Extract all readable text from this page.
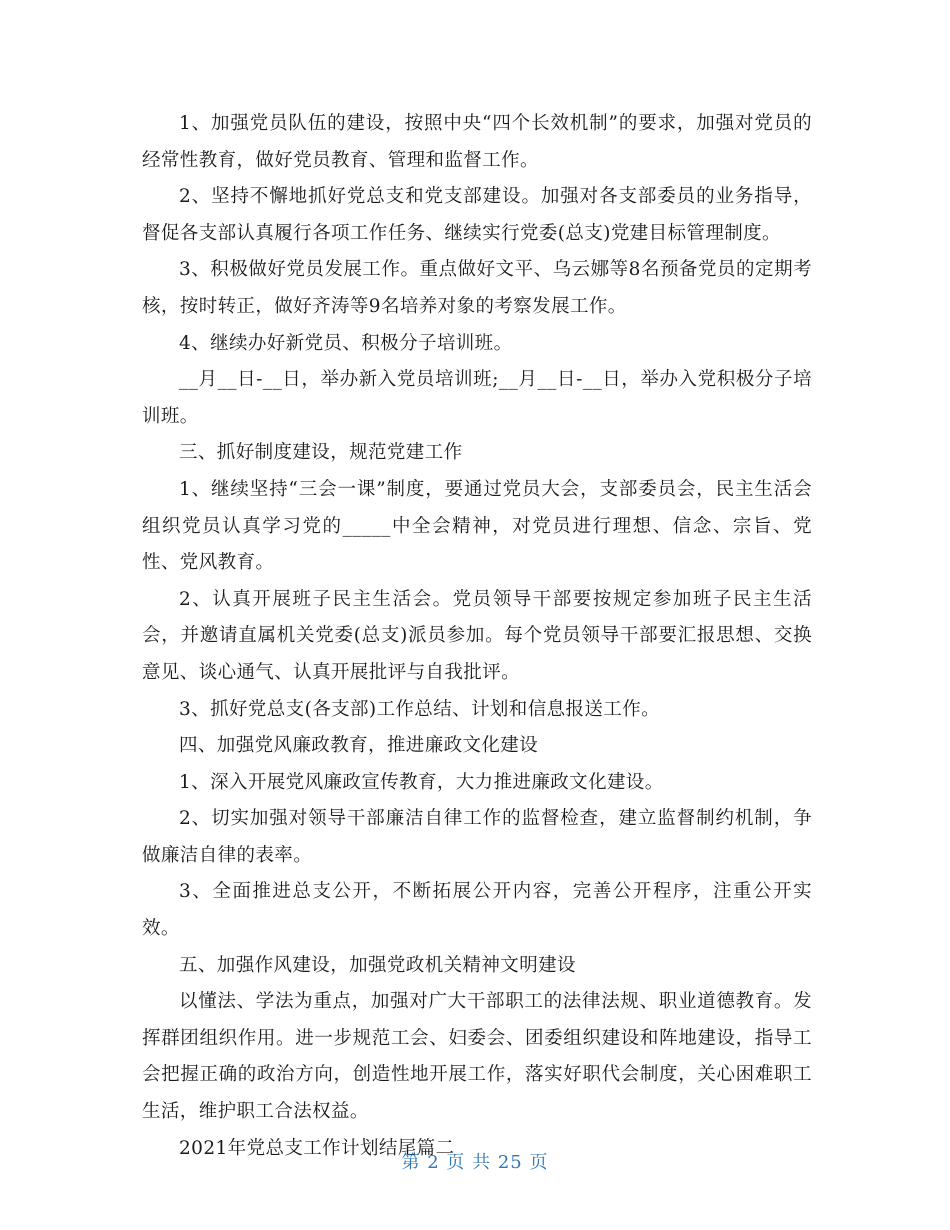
1、加强党员队伍的建设，按照中央“四个长效机制”的要求，加强对党员的经常性教育，做好党员教育、管理和监督工作。

2、坚持不懈地抓好党总支和党支部建设。加强对各支部委员的业务指导，督促各支部认真履行各项工作任务、继续实行党委(总支)党建目标管理制度。

3、积极做好党员发展工作。重点做好文平、乌云娜等8名预备党员的定期考核，按时转正，做好齐涛等9名培养对象的考察发展工作。

4、继续办好新党员、积极分子培训班。

__月__日-__日，举办新入党员培训班;__月__日-__日，举办入党积极分子培训班。

三、抓好制度建设，规范党建工作

1、继续坚持“三会一课”制度，要通过党员大会，支部委员会，民主生活会组织党员认真学习党的_____中全会精神，对党员进行理想、信念、宗旨、党性、党风教育。

2、认真开展班子民主生活会。党员领导干部要按规定参加班子民主生活会，并邀请直属机关党委(总支)派员参加。每个党员领导干部要汇报思想、交换意见、谈心通气、认真开展批评与自我批评。

3、抓好党总支(各支部)工作总结、计划和信息报送工作。

四、加强党风廉政教育，推进廉政文化建设

1、深入开展党风廉政宣传教育，大力推进廉政文化建设。

2、切实加强对领导干部廉洁自律工作的监督检查，建立监督制约机制，争做廉洁自律的表率。

3、全面推进总支公开，不断拓展公开内容，完善公开程序，注重公开实效。

五、加强作风建设，加强党政机关精神文明建设

以懂法、学法为重点，加强对广大干部职工的法律法规、职业道德教育。发挥群团组织作用。进一步规范工会、妇委会、团委组织建设和阵地建设，指导工会把握正确的政治方向，创造性地开展工作，落实好职代会制度，关心困难职工生活，维护职工合法权益。

2021年党总支工作计划结尾篇二

第 2 页 共 25 页
